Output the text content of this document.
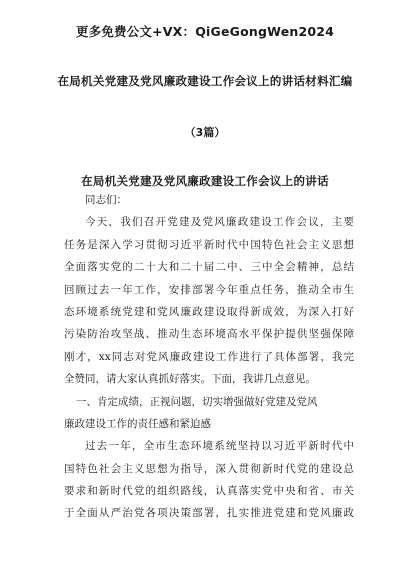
更多免费公文+VX：QiGeGongWen2024
在局机关党建及党风廉政建设工作会议上的讲话材料汇编
（3篇）
在局机关党建及党风廉政建设工作会议上的讲话
同志们：
今天，我们召开党建及党风廉政建设工作会议，主要
任务是深入学习贯彻习近平新时代中国特色社会主义思想
全面落实党的二十大和二十届二中、三中全会精神，总结
回顾过去一年工作，安排部署今年重点任务，推动全市生
态环境系统党建和党风廉政建设取得新成效，为深入打好
污染防治攻坚战、推动生态环境高水平保护提供坚强保障
刚才，xx同志对党风廉政建设工作进行了具体部署，我完
全赞同，请大家认真抓好落实。下面，我讲几点意见。
一、肯定成绩，正视问题，切实增强做好党建及党风
廉政建设工作的责任感和紧迫感
过去一年，全市生态环境系统坚持以习近平新时代中
国特色社会主义思想为指导，深入贯彻新时代党的建设总
要求和新时代党的组织路线，认真落实党中央和省、市关
于全面从严治党各项决策部署，扎实推进党建和党风廉政
